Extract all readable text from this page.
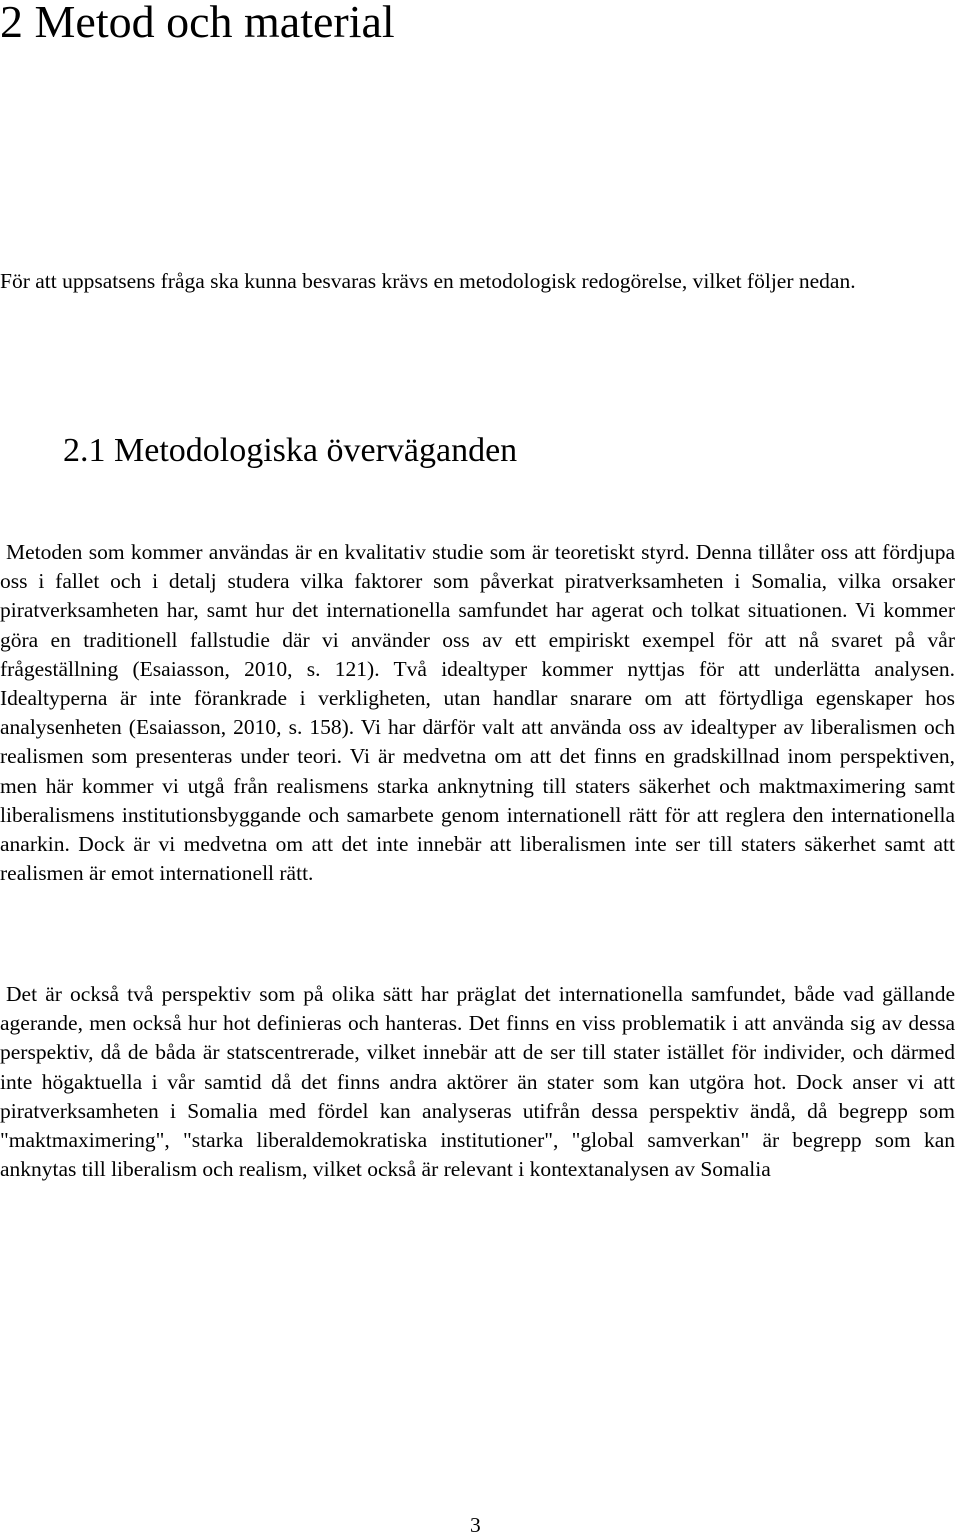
2 Metod och material

För att uppsatsens fråga ska kunna besvaras krävs en metodologisk redogörelse, vilket följer nedan.

2.1 Metodologiska överväganden

Metoden som kommer användas är en kvalitativ studie som är teoretiskt styrd. Denna tillåter oss att fördjupa oss i fallet och i detalj studera vilka faktorer som påverkat piratverksamheten i Somalia, vilka orsaker piratverksamheten har, samt hur det internationella samfundet har agerat och tolkat situationen. Vi kommer göra en traditionell fallstudie där vi använder oss av ett empiriskt exempel för att nå svaret på vår frågeställning (Esaiasson, 2010, s. 121). Två idealtyper kommer nyttjas för att underlätta analysen. Idealtyperna är inte förankrade i verkligheten, utan handlar snarare om att förtydliga egenskaper hos analysenheten (Esaiasson, 2010, s. 158). Vi har därför valt att använda oss av idealtyper av liberalismen och realismen som presenteras under teori. Vi är medvetna om att det finns en gradskillnad inom perspektiven, men här kommer vi utgå från realismens starka anknytning till staters säkerhet och maktmaximering samt liberalismens institutionsbyggande och samarbete genom internationell rätt för att reglera den internationella anarkin. Dock är vi medvetna om att det inte innebär att liberalismen inte ser till staters säkerhet samt att realismen är emot internationell rätt.

Det är också två perspektiv som på olika sätt har präglat det internationella samfundet, både vad gällande agerande, men också hur hot definieras och hanteras. Det finns en viss problematik i att använda sig av dessa perspektiv, då de båda är statscentrerade, vilket innebär att de ser till stater istället för individer, och därmed inte högaktuella i vår samtid då det finns andra aktörer än stater som kan utgöra hot. Dock anser vi att piratverksamheten i Somalia med fördel kan analyseras utifrån dessa perspektiv ändå, då begrepp som "maktmaximering", "starka liberaldemokratiska institutioner", "global samverkan" är begrepp som kan anknytas till liberalism och realism, vilket också är relevant i kontextanalysen av Somalia

3
